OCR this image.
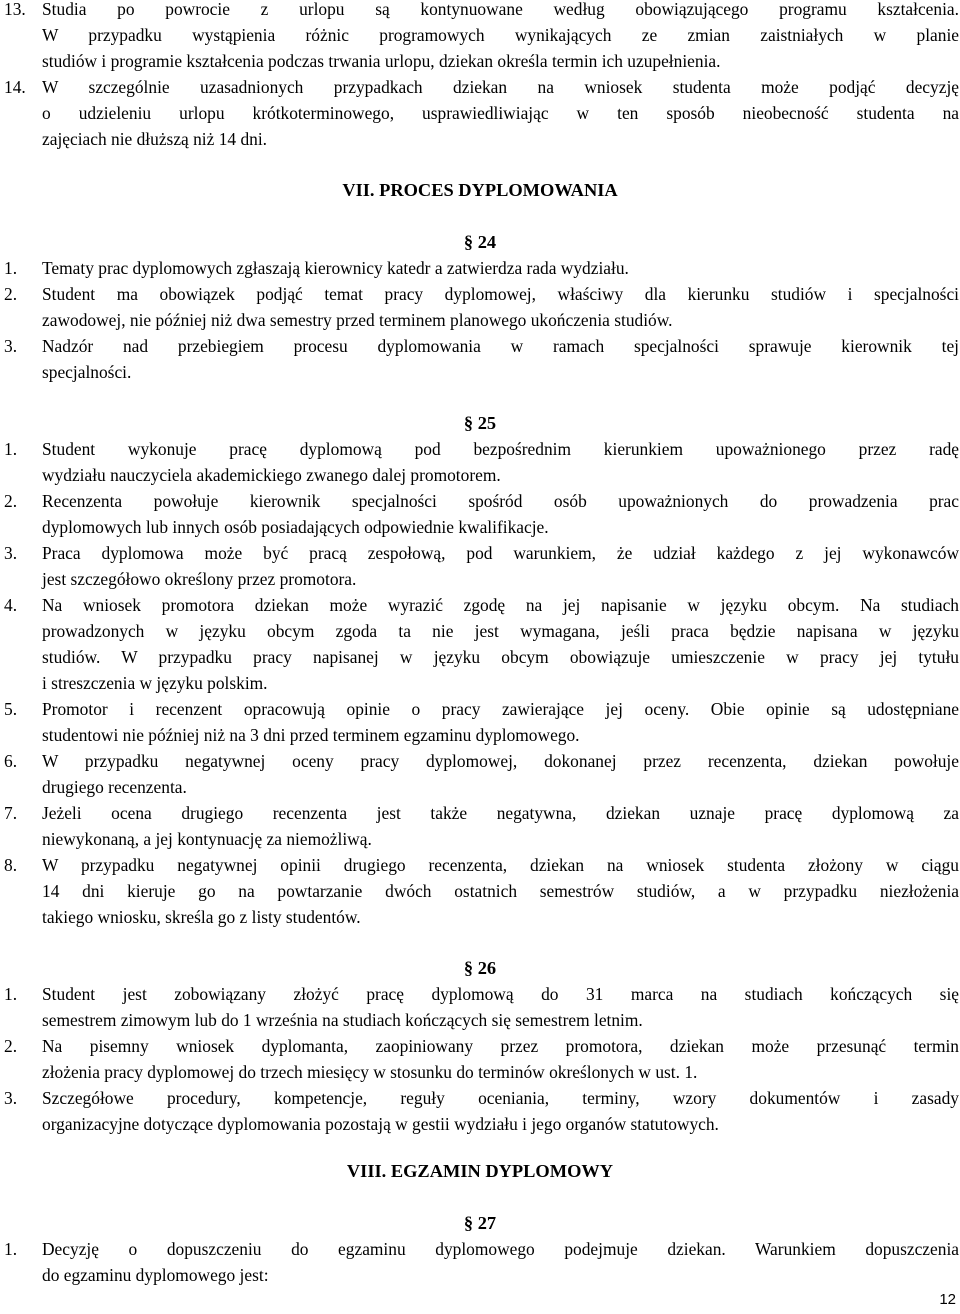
13. Studia po powrocie z urlopu są kontynuowane według obowiązującego programu kształcenia.
W przypadku wystąpienia różnic programowych wynikających ze zmian zaistniałych w planie
studiów i programie kształcenia podczas trwania urlopu, dziekan określa termin ich uzupełnienia.
14. W szczególnie uzasadnionych przypadkach dziekan na wniosek studenta może podjąć decyzję
o udzieleniu urlopu krótkoterminowego, usprawiedliwiając w ten sposób nieobecność studenta na
zajęciach nie dłuższą niż 14 dni.
VII. PROCES DYPLOMOWANIA
§ 24
1. Tematy prac dyplomowych zgłaszają kierownicy katedr a zatwierdza rada wydziału.
2. Student ma obowiązek podjąć temat pracy dyplomowej, właściwy dla kierunku studiów i specjalności
zawodowej, nie później niż dwa semestry przed terminem planowego ukończenia studiów.
3. Nadzór nad przebiegiem procesu dyplomowania w ramach specjalności sprawuje kierownik tej
specjalności.
§ 25
1. Student wykonuje pracę dyplomową pod bezpośrednim kierunkiem upoważnionego przez radę
wydziału nauczyciela akademickiego zwanego dalej promotorem.
2. Recenzenta powołuje kierownik specjalności spośród osób upoważnionych do prowadzenia prac
dyplomowych lub innych osób posiadających odpowiednie kwalifikacje.
3. Praca dyplomowa może być pracą zespołową, pod warunkiem, że udział każdego z jej wykonawców
jest szczegółowo określony przez promotora.
4. Na wniosek promotora dziekan może wyrazić zgodę na jej napisanie w języku obcym. Na studiach
prowadzonych w języku obcym zgoda ta nie jest wymagana, jeśli praca będzie napisana w języku
studiów. W przypadku pracy napisanej w języku obcym obowiązuje umieszczenie w pracy jej tytułu
i streszczenia w języku polskim.
5. Promotor i recenzent opracowują opinie o pracy zawierające jej oceny. Obie opinie są udostępniane
studentowi nie później niż na 3 dni przed terminem egzaminu dyplomowego.
6. W przypadku negatywnej oceny pracy dyplomowej, dokonanej przez recenzenta, dziekan powołuje
drugiego recenzenta.
7. Jeżeli ocena drugiego recenzenta jest także negatywna, dziekan uznaje pracę dyplomową za
niewykonaną, a jej kontynuację za niemożliwą.
8. W przypadku negatywnej opinii drugiego recenzenta, dziekan na wniosek studenta złożony w ciągu
14 dni kieruje go na powtarzanie dwóch ostatnich semestrów studiów, a w przypadku niezłożenia
takiego wniosku, skreśla go z listy studentów.
§ 26
1. Student jest zobowiązany złożyć pracę dyplomową do 31 marca na studiach kończących się
semestrem zimowym lub do 1 września na studiach kończących się semestrem letnim.
2. Na pisemny wniosek dyplomanta, zaopiniowany przez promotora, dziekan może przesunąć termin
złożenia pracy dyplomowej do trzech miesięcy w stosunku do terminów określonych w ust. 1.
3. Szczegółowe procedury, kompetencje, reguły oceniania, terminy, wzory dokumentów i zasady
organizacyjne dotyczące dyplomowania pozostają w gestii wydziału i jego organów statutowych.
VIII. EGZAMIN DYPLOMOWY
§ 27
1. Decyzję o dopuszczeniu do egzaminu dyplomowego podejmuje dziekan. Warunkiem dopuszczenia
do egzaminu dyplomowego jest:
12
